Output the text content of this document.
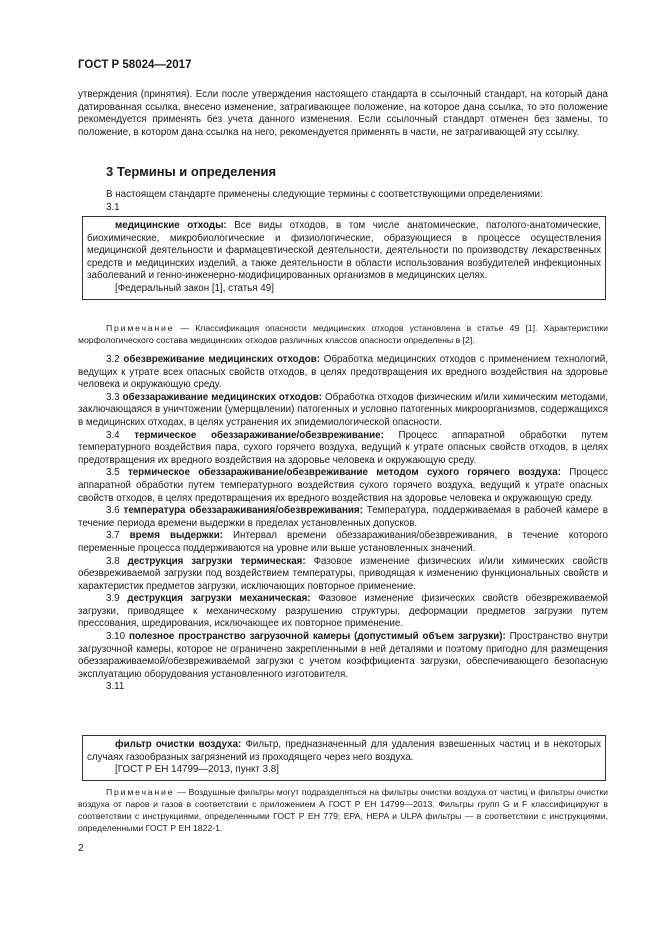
ГОСТ Р 58024—2017

утверждения (принятия). Если после утверждения настоящего стандарта в ссылочный стандарт, на который дана датированная ссылка, внесено изменение, затрагивающее положение, на которое дана ссылка, то это положение рекомендуется применять без учета данного изменения. Если ссылочный стандарт отменен без замены, то положение, в котором дана ссылка на него, рекомендуется применять в части, не затрагивающей эту ссылку.

3 Термины и определения

В настоящем стандарте применены следующие термины с соответствующими определениями:

3.1

медицинские отходы: Все виды отходов, в том числе анатомические, патолого-анатомические, биохимические, микробиологические и физиологические, образующиеся в процессе осуществления медицинской деятельности и фармацевтической деятельности, деятельности по производству лекарственных средств и медицинских изделий, а также деятельности в области использования возбудителей инфекционных заболеваний и генно-инженерно-модифицированных организмов в медицинских целях.

[Федеральный закон [1], статья 49]

Примечание — Классификация опасности медицинских отходов установлена в статье 49 [1]. Характеристики морфологического состава медицинских отходов различных классов опасности определены в [2].

3.2 обезвреживание медицинских отходов: Обработка медицинских отходов с применением технологий, ведущих к утрате всех опасных свойств отходов, в целях предотвращения их вредного воздействия на здоровье человека и окружающую среду.

3.3 обеззараживание медицинских отходов: Обработка отходов физическим и/или химическим методами, заключающаяся в уничтожении (умерщвлении) патогенных и условно патогенных микроорганизмов, содержащихся в медицинских отходах, в целях устранения их эпидемиологической опасности.

3.4 термическое обеззараживание/обезвреживание: Процесс аппаратной обработки путем температурного воздействия пара, сухого горячего воздуха, ведущий к утрате опасных свойств отходов, в целях предотвращения их вредного воздействия на здоровье человека и окружающую среду.

3.5 термическое обеззараживание/обезвреживание методом сухого горячего воздуха: Процесс аппаратной обработки путем температурного воздействия сухого горячего воздуха, ведущий к утрате опасных свойств отходов, в целях предотвращения их вредного воздействия на здоровье человека и окружающую среду.

3.6 температура обеззараживания/обезвреживания: Температура, поддерживаемая в рабочей камере в течение периода времени выдержки в пределах установленных допусков.

3.7 время выдержки: Интервал времени обеззараживания/обезвреживания, в течение которого переменные процесса поддерживаются на уровне или выше установленных значений.

3.8 деструкция загрузки термическая: Фазовое изменение физических и/или химических свойств обезвреживаемой загрузки под воздействием температуры, приводящая к изменению функциональных свойств и характеристик предметов загрузки, исключающих повторное применение.

3.9 деструкция загрузки механическая: Фазовое изменение физических свойств обезвреживаемой загрузки, приводящее к механическому разрушению структуры, деформации предметов загрузки путем прессования, шредирования, исключающее их повторное применение.

3.10 полезное пространство загрузочной камеры (допустимый объем загрузки): Пространство внутри загрузочной камеры, которое не ограничено закрепленными в ней деталями и поэтому пригодно для размещения обеззараживаемой/обезвреживаемой загрузки с учетом коэффициента загрузки, обеспечивающего безопасную эксплуатацию оборудования установленного изготовителя.

3.11

фильтр очистки воздуха: Фильтр, предназначенный для удаления взвешенных частиц и в некоторых случаях газообразных загрязнений из проходящего через него воздуха.

[ГОСТ Р ЕН 14799—2013, пункт 3.8]

Примечание — Воздушные фильтры могут подразделяться на фильтры очистки воздуха от частиц и фильтры очистки воздуха от паров и газов в соответствии с приложением А ГОСТ Р ЕН 14799—2013. Фильтры групп G и F классифицируют в соответствии с инструкциями, определенными ГОСТ Р ЕН 779; EPA, HEPA и ULPA фильтры — в соответствии с инструкциями, определенными ГОСТ Р ЕН 1822-1.

2
